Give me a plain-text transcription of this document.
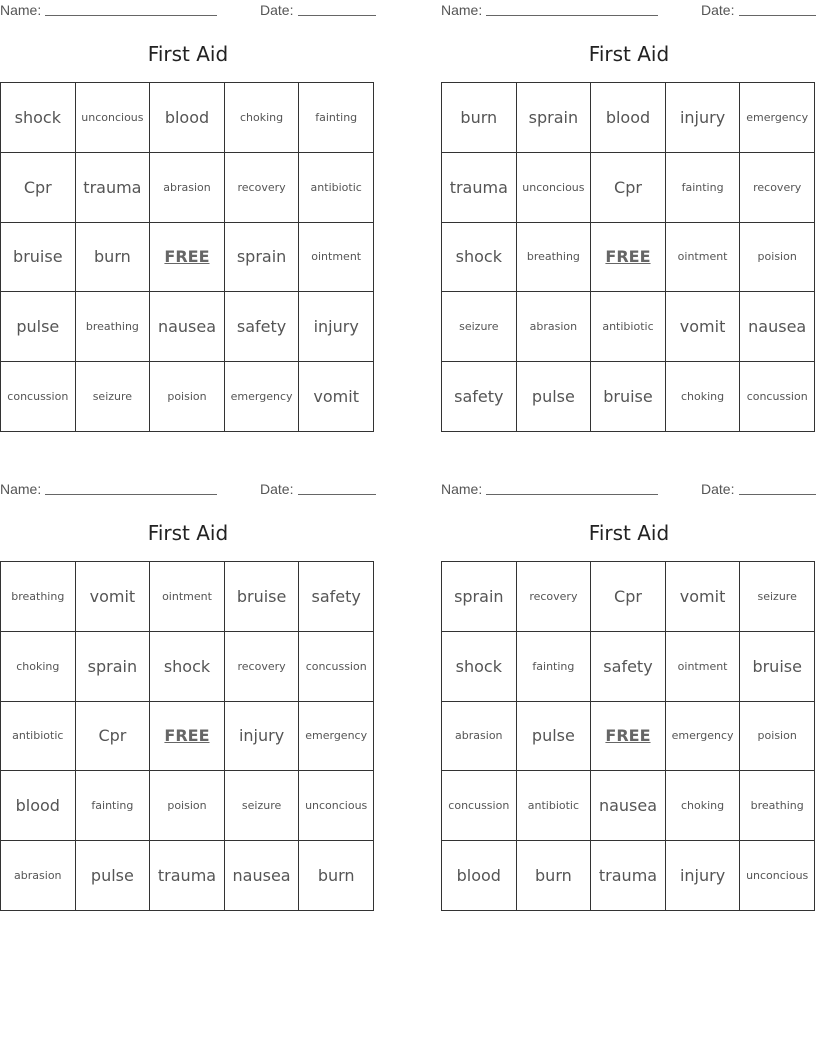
Name:	Date:
First Aid
shock	unconcious	blood	choking	fainting
Cpr	trauma	abrasion	recovery	antibiotic
bruise	burn	FREE	sprain	ointment
pulse	breathing	nausea	safety	injury
concussion	seizure	poision	emergency	vomit
Name:	Date:
First Aid
burn	sprain	blood	injury	emergency
trauma	unconcious	Cpr	fainting	recovery
shock	breathing	FREE	ointment	poision
seizure	abrasion	antibiotic	vomit	nausea
safety	pulse	bruise	choking	concussion
Name:	Date:
First Aid
breathing	vomit	ointment	bruise	safety
choking	sprain	shock	recovery	concussion
antibiotic	Cpr	FREE	injury	emergency
blood	fainting	poision	seizure	unconcious
abrasion	pulse	trauma	nausea	burn
Name:	Date:
First Aid
sprain	recovery	Cpr	vomit	seizure
shock	fainting	safety	ointment	bruise
abrasion	pulse	FREE	emergency	poision
concussion	antibiotic	nausea	choking	breathing
blood	burn	trauma	injury	unconcious
